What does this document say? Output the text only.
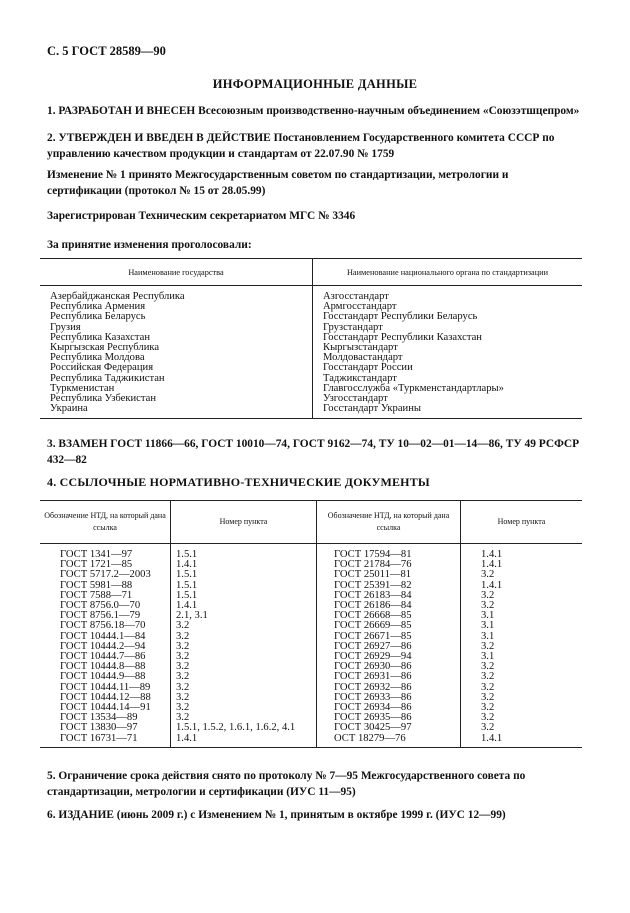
С. 5 ГОСТ 28589—90
ИНФОРМАЦИОННЫЕ ДАННЫЕ
1. РАЗРАБОТАН И ВНЕСЕН Всесоюзным производственно-научным объединением «Союзэтшцепром»
2. УТВЕРЖДЕН И ВВЕДЕН В ДЕЙСТВИЕ Постановлением Государственного комитета СССР по управлению качеством продукции и стандартам от 22.07.90 № 1759
Изменение № 1 принято Межгосударственным советом по стандартизации, метрологии и сертификации (протокол № 15 от 28.05.99)
Зарегистрирован Техническим секретариатом МГС № 3346
За принятие изменения проголосовали:
Наименование государства	Наименование национального органа по стандартизации
Азербайджанская Республика	Азгосстандарт
Республика Армения	Армгосстандарт
Республика Беларусь	Госстандарт Республики Беларусь
Грузия	Грузстандарт
Республика Казахстан	Госстандарт Республики Казахстан
Кыргызская Республика	Кыргызстандарт
Республика Молдова	Молдовастандарт
Российская Федерация	Госстандарт России
Республика Таджикистан	Таджикстандарт
Туркменистан	Главгосслужба «Туркменстандартлары»
Республика Узбекистан	Узгосстандарт
Украина	Госстандарт Украины
3. ВЗАМЕН ГОСТ 11866—66, ГОСТ 10010—74, ГОСТ 9162—74, ТУ 10—02—01—14—86, ТУ 49 РСФСР 432—82
4. ССЫЛОЧНЫЕ НОРМАТИВНО-ТЕХНИЧЕСКИЕ ДОКУМЕНТЫ
Обозначение НТД, на который дана ссылка	Номер пункта	Обозначение НТД, на который дана ссылка	Номер пункта
ГОСТ 1341—97	1.5.1	ГОСТ 17594—81	1.4.1
ГОСТ 1721—85	1.4.1	ГОСТ 21784—76	1.4.1
ГОСТ 5717.2—2003	1.5.1	ГОСТ 25011—81	3.2
ГОСТ 5981—88	1.5.1	ГОСТ 25391—82	1.4.1
ГОСТ 7588—71	1.5.1	ГОСТ 26183—84	3.2
ГОСТ 8756.0—70	1.4.1	ГОСТ 26186—84	3.2
ГОСТ 8756.1—79	2.1, 3.1	ГОСТ 26668—85	3.1
ГОСТ 8756.18—70	3.2	ГОСТ 26669—85	3.1
ГОСТ 10444.1—84	3.2	ГОСТ 26671—85	3.1
ГОСТ 10444.2—94	3.2	ГОСТ 26927—86	3.2
ГОСТ 10444.7—86	3.2	ГОСТ 26929—94	3.1
ГОСТ 10444.8—88	3.2	ГОСТ 26930—86	3.2
ГОСТ 10444.9—88	3.2	ГОСТ 26931—86	3.2
ГОСТ 10444.11—89	3.2	ГОСТ 26932—86	3.2
ГОСТ 10444.12—88	3.2	ГОСТ 26933—86	3.2
ГОСТ 10444.14—91	3.2	ГОСТ 26934—86	3.2
ГОСТ 13534—89	3.2	ГОСТ 26935—86	3.2
ГОСТ 13830—97	1.5.1, 1.5.2, 1.6.1, 1.6.2, 4.1	ГОСТ 30425—97	3.2
ГОСТ 16731—71	1.4.1	ОСТ 18279—76	1.4.1
5. Ограничение срока действия снято по протоколу № 7—95 Межгосударственного совета по стандартизации, метрологии и сертификации (ИУС 11—95)
6. ИЗДАНИЕ (июнь 2009 г.) с Изменением № 1, принятым в октябре 1999 г. (ИУС 12—99)
